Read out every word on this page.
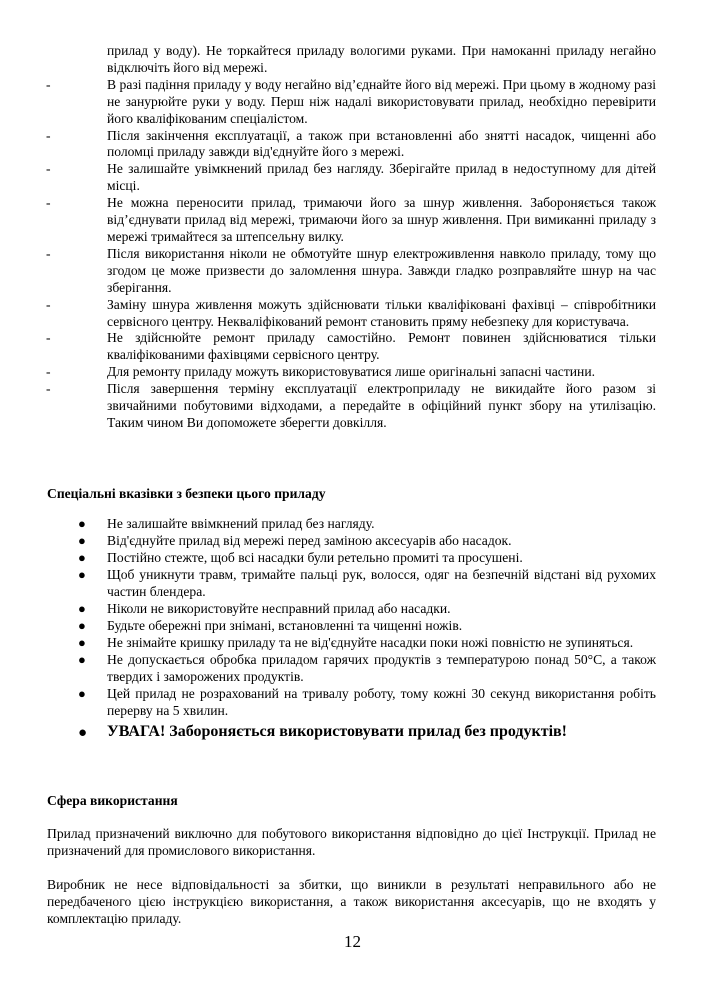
прилад у воду). Не торкайтеся приладу вологими руками. При намоканні приладу негайно відключіть його від мережі.
-	В разі падіння приладу у воду негайно від’єднайте його від мережі. При цьому в жодному разі не занурюйте руки у воду. Перш ніж надалі використовувати прилад, необхідно перевірити його кваліфікованим спеціалістом.
-	Після закінчення експлуатації, а також при встановленні або знятті насадок, чищенні або поломці приладу завжди від'єднуйте його з мережі.
-	Не залишайте увімкнений прилад без нагляду. Зберігайте прилад в недоступному для дітей місці.
-	Не можна переносити прилад, тримаючи його за шнур живлення. Забороняється також від’єднувати прилад від мережі, тримаючи його за шнур живлення. При вимиканні приладу з мережі тримайтеся за штепсельну вилку.
-	Після використання ніколи не обмотуйте шнур електроживлення навколо приладу, тому що згодом це може призвести до заломлення шнура. Завжди гладко розправляйте шнур на час зберігання.
-	Заміну шнура живлення можуть здійснювати тільки кваліфіковані фахівці – співробітники сервісного центру. Некваліфікований ремонт становить пряму небезпеку для користувача.
-	Не здійснюйте ремонт приладу самостійно. Ремонт повинен здійснюватися тільки кваліфікованими фахівцями сервісного центру.
-	Для ремонту приладу можуть використовуватися лише оригінальні запасні частини.
-	Після завершення терміну експлуатації електроприладу не викидайте його разом зі звичайними побутовими відходами, а передайте в офіційний пункт збору на утилізацію. Таким чином Ви допоможете зберегти довкілля.
Спеціальні вказівки з безпеки цього приладу
● Не залишайте ввімкнений прилад без нагляду.
● Від'єднуйте прилад від мережі перед заміною аксесуарів або насадок.
● Постійно стежте, щоб всі насадки були ретельно промиті та просушені.
● Щоб уникнути травм, тримайте пальці рук, волосся, одяг на безпечній відстані від рухомих частин блендера.
● Ніколи не використовуйте несправний прилад або насадки.
● Будьте обережні при знімані, встановленні та чищенні ножів.
● Не знімайте кришку приладу та не від'єднуйте насадки поки ножі повністю не зупиняться.
● Не допускається обробка приладом гарячих продуктів з температурою понад 50°С, а також твердих і заморожених продуктів.
● Цей прилад не розрахований на тривалу роботу, тому кожні 30 секунд використання робіть перерву на 5 хвилин.
● УВАГА! Забороняється використовувати прилад без продуктів!
Сфера використання
Прилад призначений виключно для побутового використання відповідно до цієї Інструкції. Прилад не призначений для промислового використання.
Виробник не несе відповідальності за збитки, що виникли в результаті неправильного або не передбаченого цією інструкцією використання, а також використання аксесуарів, що не входять у комплектацію приладу.
12
